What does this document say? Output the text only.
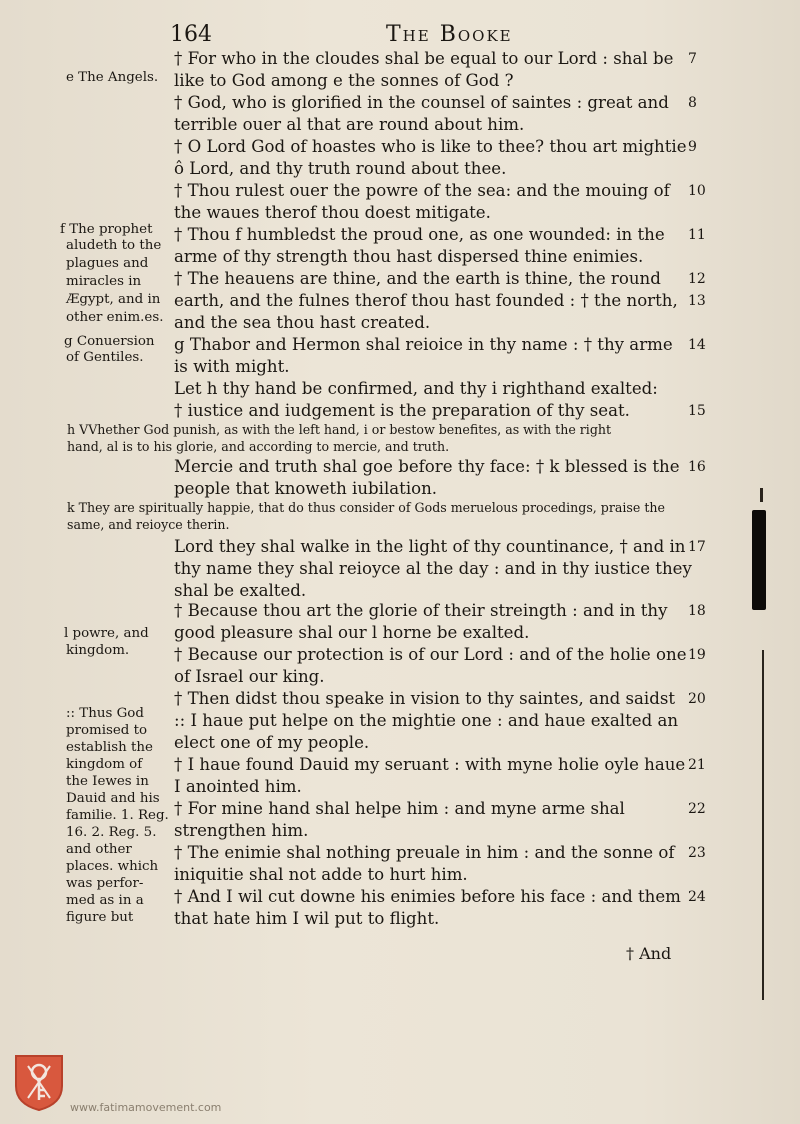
164	The Booke
† For who in the cloudes shal be equal to our Lord : shal be
like to God among e the sonnes of God ?
† God, who is glorified in the counsel of saintes : great and
terrible ouer al that are round about him.
† O Lord God of hoastes who is like to thee? thou art mightie
ô Lord, and thy truth round about thee.
† Thou rulest ouer the powre of the sea: and the mouing of
the waues therof thou doest mitigate.
† Thou f humbledst the proud one, as one wounded: in the
arme of thy strength thou hast dispersed thine enimies.
† The heauens are thine, and the earth is thine, the round
earth, and the fulnes therof thou hast founded : † the north,
and the sea thou hast created.
g Thabor and Hermon shal reioice in thy name : † thy arme
is with might.
Let h thy hand be confirmed, and thy i righthand exalted:
† iustice and iudgement is the preparation of thy seat.
h VVhether God punish, as with the left hand, i or bestow benefites, as with the right
hand, al is to his glorie, and according to mercie, and truth.
Mercie and truth shal goe before thy face: † k blessed is the
people that knoweth iubilation.
k They are spiritually happie, that do thus consider of Gods meruelous procedings, praise the
same, and reioyce therin.
Lord they shal walke in the light of thy countinance, † and in
thy name they shal reioyce al the day : and in thy iustice they
shal be exalted.
† Because thou art the glorie of their streingth : and in thy
good pleasure shal our l horne be exalted.
† Because our protection is of our Lord : and of the holie one
of Israel our king.
† Then didst thou speake in vision to thy saintes, and saidst
:: I haue put helpe on the mightie one : and haue exalted an
elect one of my people.
† I haue found Dauid my seruant : with myne holie oyle haue
I anointed him.
† For mine hand shal helpe him : and myne arme shal
strengthen him.
† The enimie shal nothing preuale in him : and the sonne of
iniquitie shal not adde to hurt him.
† And I wil cut downe his enimies before his face : and them
that hate him I wil put to flight.
e The Angels.
f The prophet
aludeth to the
plagues and
miracles in
Ægypt, and in
other enim.es.
g Conuersion
of Gentiles.
l powre, and
kingdom.
:: Thus God
promised to
establish the
kingdom of
the Iewes in
Dauid and his
familie. 1. Reg.
16. 2. Reg. 5.
and other
places. which
was perfor-
med as in a
figure but
7
8
9
10
11
12
13
14
15
16
17
18
19
20
21
22
23
24
† And
www.fatimamovement.com
